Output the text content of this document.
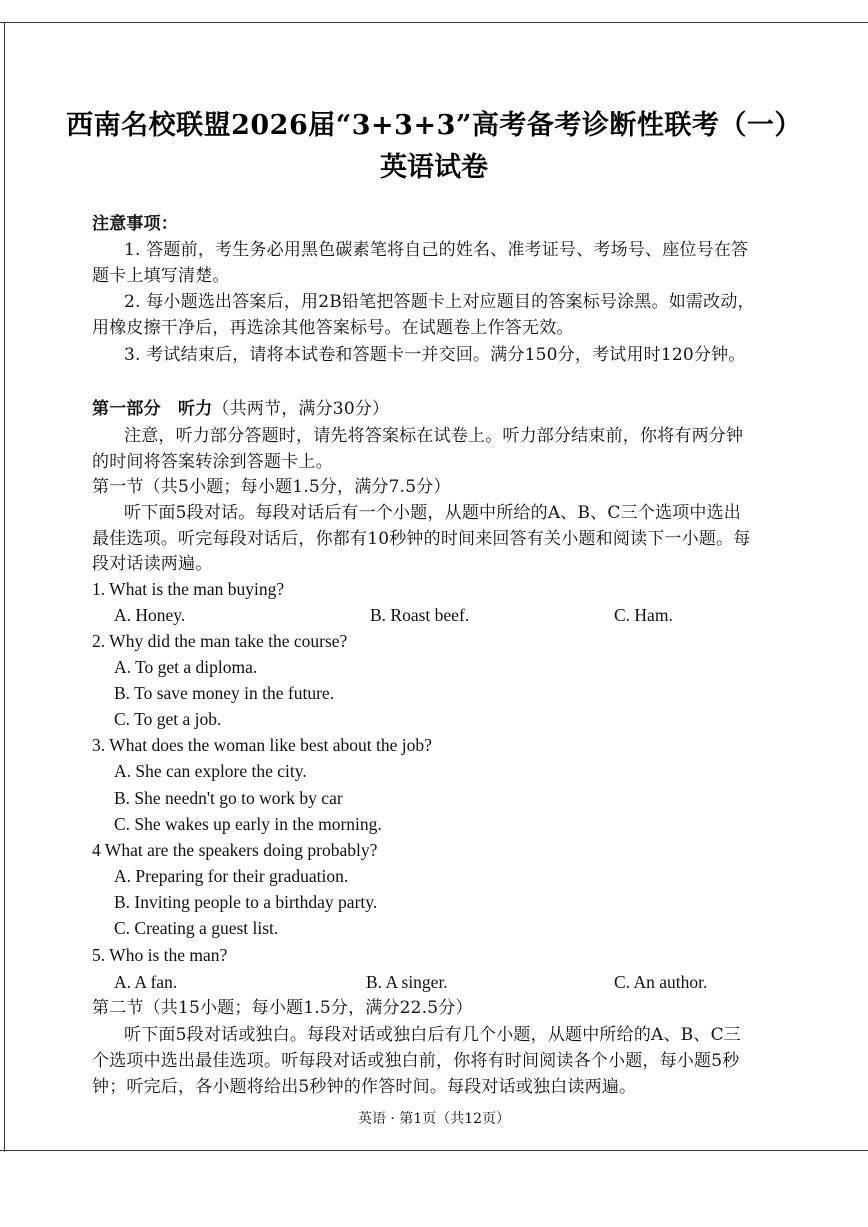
西南名校联盟2026届“3+3+3”高考备考诊断性联考（一）
英语试卷
注意事项：
1. 答题前，考生务必用黑色碳素笔将自己的姓名、准考证号、考场号、座位号在答
题卡上填写清楚。
2. 每小题选出答案后，用2B铅笔把答题卡上对应题目的答案标号涂黑。如需改动，
用橡皮擦干净后，再选涂其他答案标号。在试题卷上作答无效。
3. 考试结束后，请将本试卷和答题卡一并交回。满分150分，考试用时120分钟。
第一部分　听力（共两节，满分30分）
注意，听力部分答题时，请先将答案标在试卷上。听力部分结束前，你将有两分钟
的时间将答案转涂到答题卡上。
第一节（共5小题；每小题1.5分，满分7.5分）
听下面5段对话。每段对话后有一个小题，从题中所给的A、B、C三个选项中选出
最佳选项。听完每段对话后，你都有10秒钟的时间来回答有关小题和阅读下一小题。每
段对话读两遍。
1. What is the man buying?
A. Honey.	B. Roast beef.	C. Ham.
2. Why did the man take the course?
A. To get a diploma.
B. To save money in the future.
C. To get a job.
3. What does the woman like best about the job?
A. She can explore the city.
B. She needn't go to work by car
C. She wakes up early in the morning.
4 What are the speakers doing probably?
A. Preparing for their graduation.
B. Inviting people to a birthday party.
C. Creating a guest list.
5. Who is the man?
A. A fan.	B. A singer.	C. An author.
第二节（共15小题；每小题1.5分，满分22.5分）
听下面5段对话或独白。每段对话或独白后有几个小题，从题中所给的A、B、C三
个选项中选出最佳选项。听每段对话或独白前，你将有时间阅读各个小题，每小题5秒
钟；听完后，各小题将给出5秒钟的作答时间。每段对话或独白读两遍。
英语 · 第1页（共12页）
